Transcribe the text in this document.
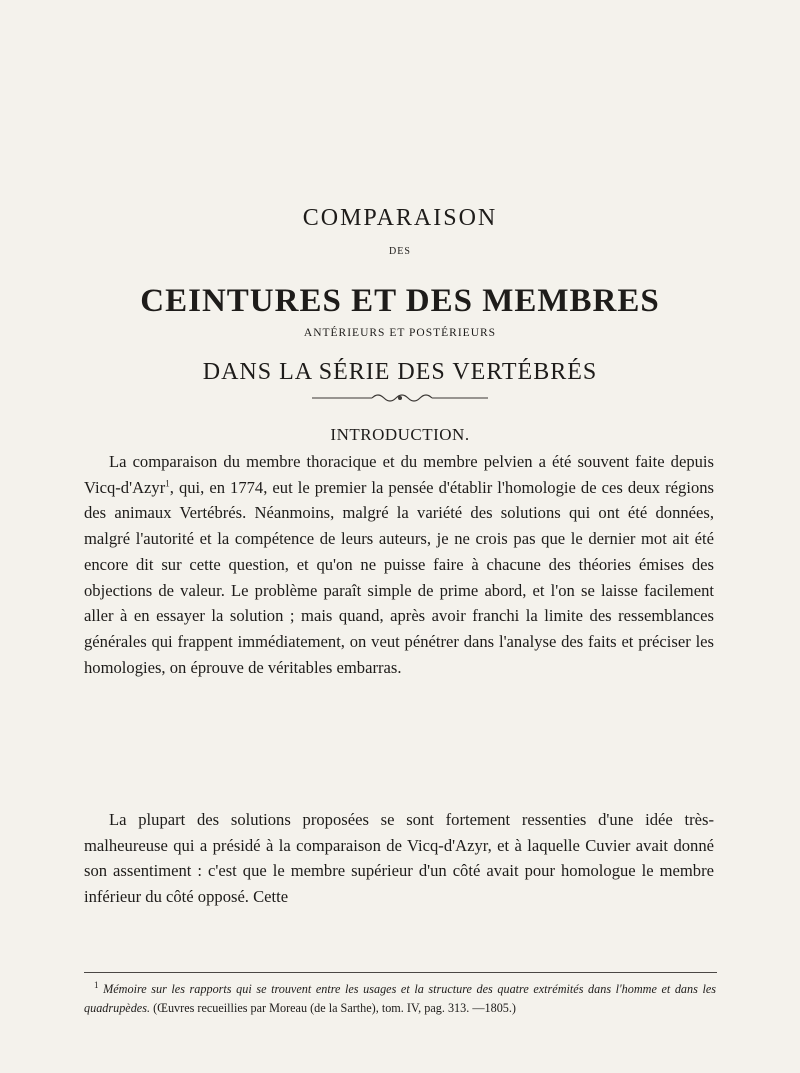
COMPARAISON
DES
CEINTURES ET DES MEMBRES
ANTÉRIEURS ET POSTÉRIEURS
DANS LA SÉRIE DES VERTÉBRÉS
INTRODUCTION.
La comparaison du membre thoracique et du membre pelvien a été souvent faite depuis Vicq-d'Azyr$^1$, qui, en 1774, eut le premier la pensée d'établir l'homologie de ces deux régions des animaux Vertébrés. Néanmoins, malgré la variété des solutions qui ont été données, malgré l'autorité et la compétence de leurs auteurs, je ne crois pas que le dernier mot ait été encore dit sur cette question, et qu'on ne puisse faire à chacune des théories émises des objections de valeur. Le problème paraît simple de prime abord, et l'on se laisse facilement aller à en essayer la solution ; mais quand, après avoir franchi la limite des ressemblances générales qui frappent immédiatement, on veut pénétrer dans l'analyse des faits et préciser les homologies, on éprouve de véritables embarras.
La plupart des solutions proposées se sont fortement ressenties d'une idée très-malheureuse qui a présidé à la comparaison de Vicq-d'Azyr, et à laquelle Cuvier avait donné son assentiment : c'est que le membre supérieur d'un côté avait pour homologue le membre inférieur du côté opposé. Cette
$^1$ Mémoire sur les rapports qui se trouvent entre les usages et la structure des quatre extrémités dans l'homme et dans les quadrupèdes. (Œuvres recueillies par Moreau (de la Sarthe), tom. IV, pag. 313. —1805.)
